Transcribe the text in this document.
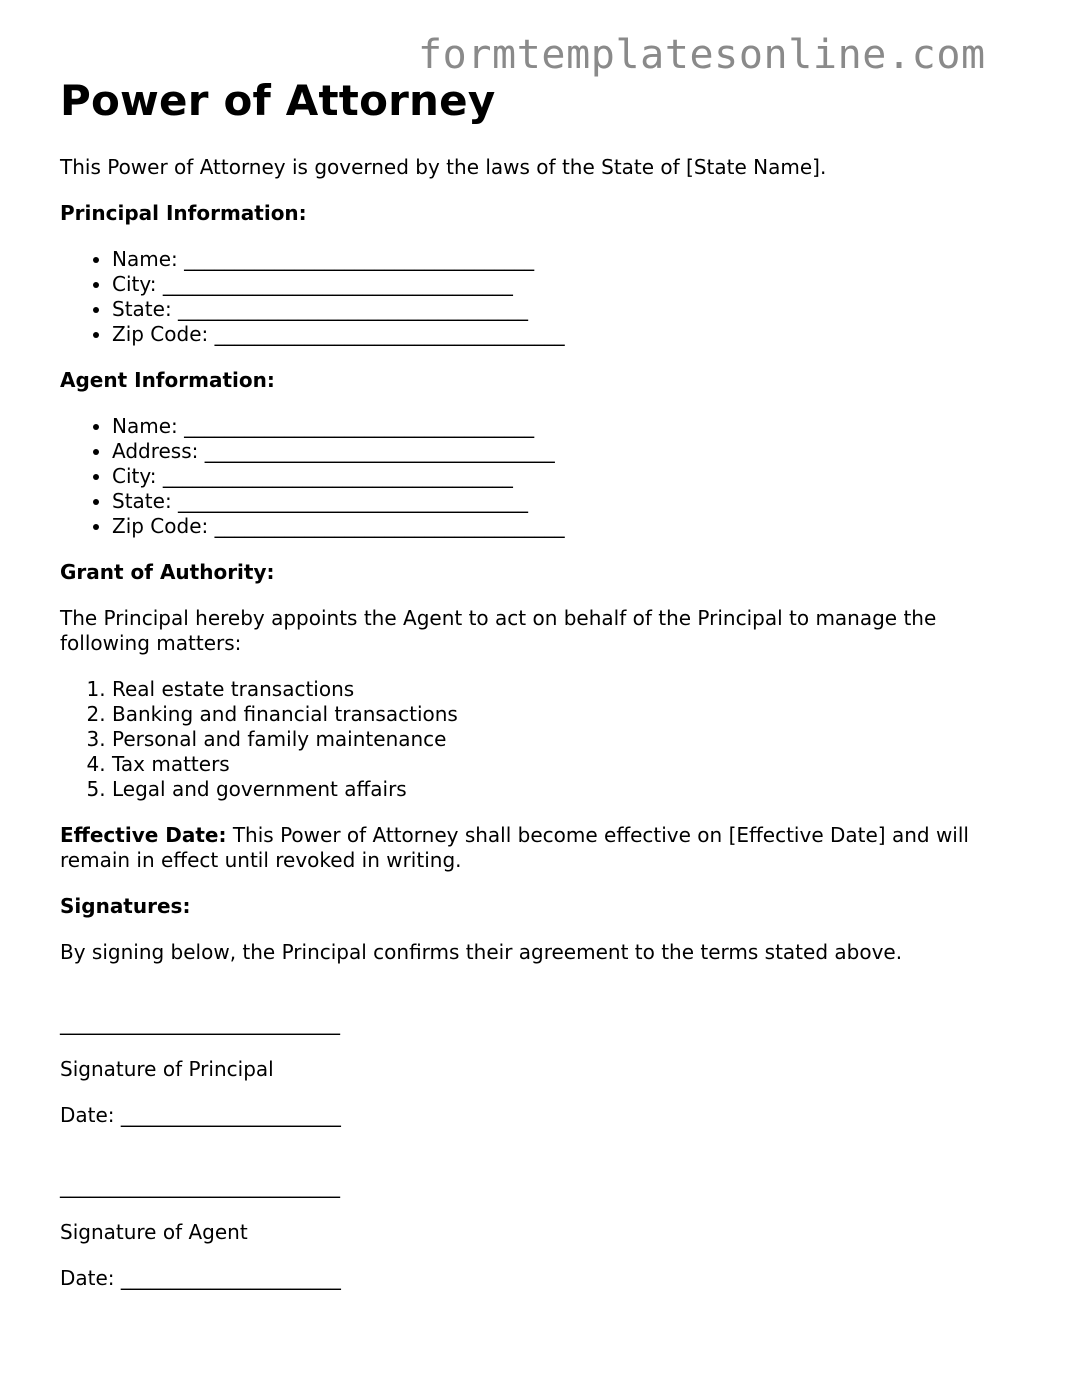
formtemplatesonline.com
Power of Attorney

This Power of Attorney is governed by the laws of the State of [State Name].

Principal Information:

• Name: ___________________________________
• City: ___________________________________
• State: ___________________________________
• Zip Code: ___________________________________

Agent Information:

• Name: ___________________________________
• Address: ___________________________________
• City: ___________________________________
• State: ___________________________________
• Zip Code: ___________________________________

Grant of Authority:

The Principal hereby appoints the Agent to act on behalf of the Principal to manage the following matters:

1. Real estate transactions
2. Banking and financial transactions
3. Personal and family maintenance
4. Tax matters
5. Legal and government affairs

Effective Date: This Power of Attorney shall become effective on [Effective Date] and will remain in effect until revoked in writing.

Signatures:

By signing below, the Principal confirms their agreement to the terms stated above.

____________________________

Signature of Principal

Date: ______________________

____________________________

Signature of Agent

Date: ______________________
